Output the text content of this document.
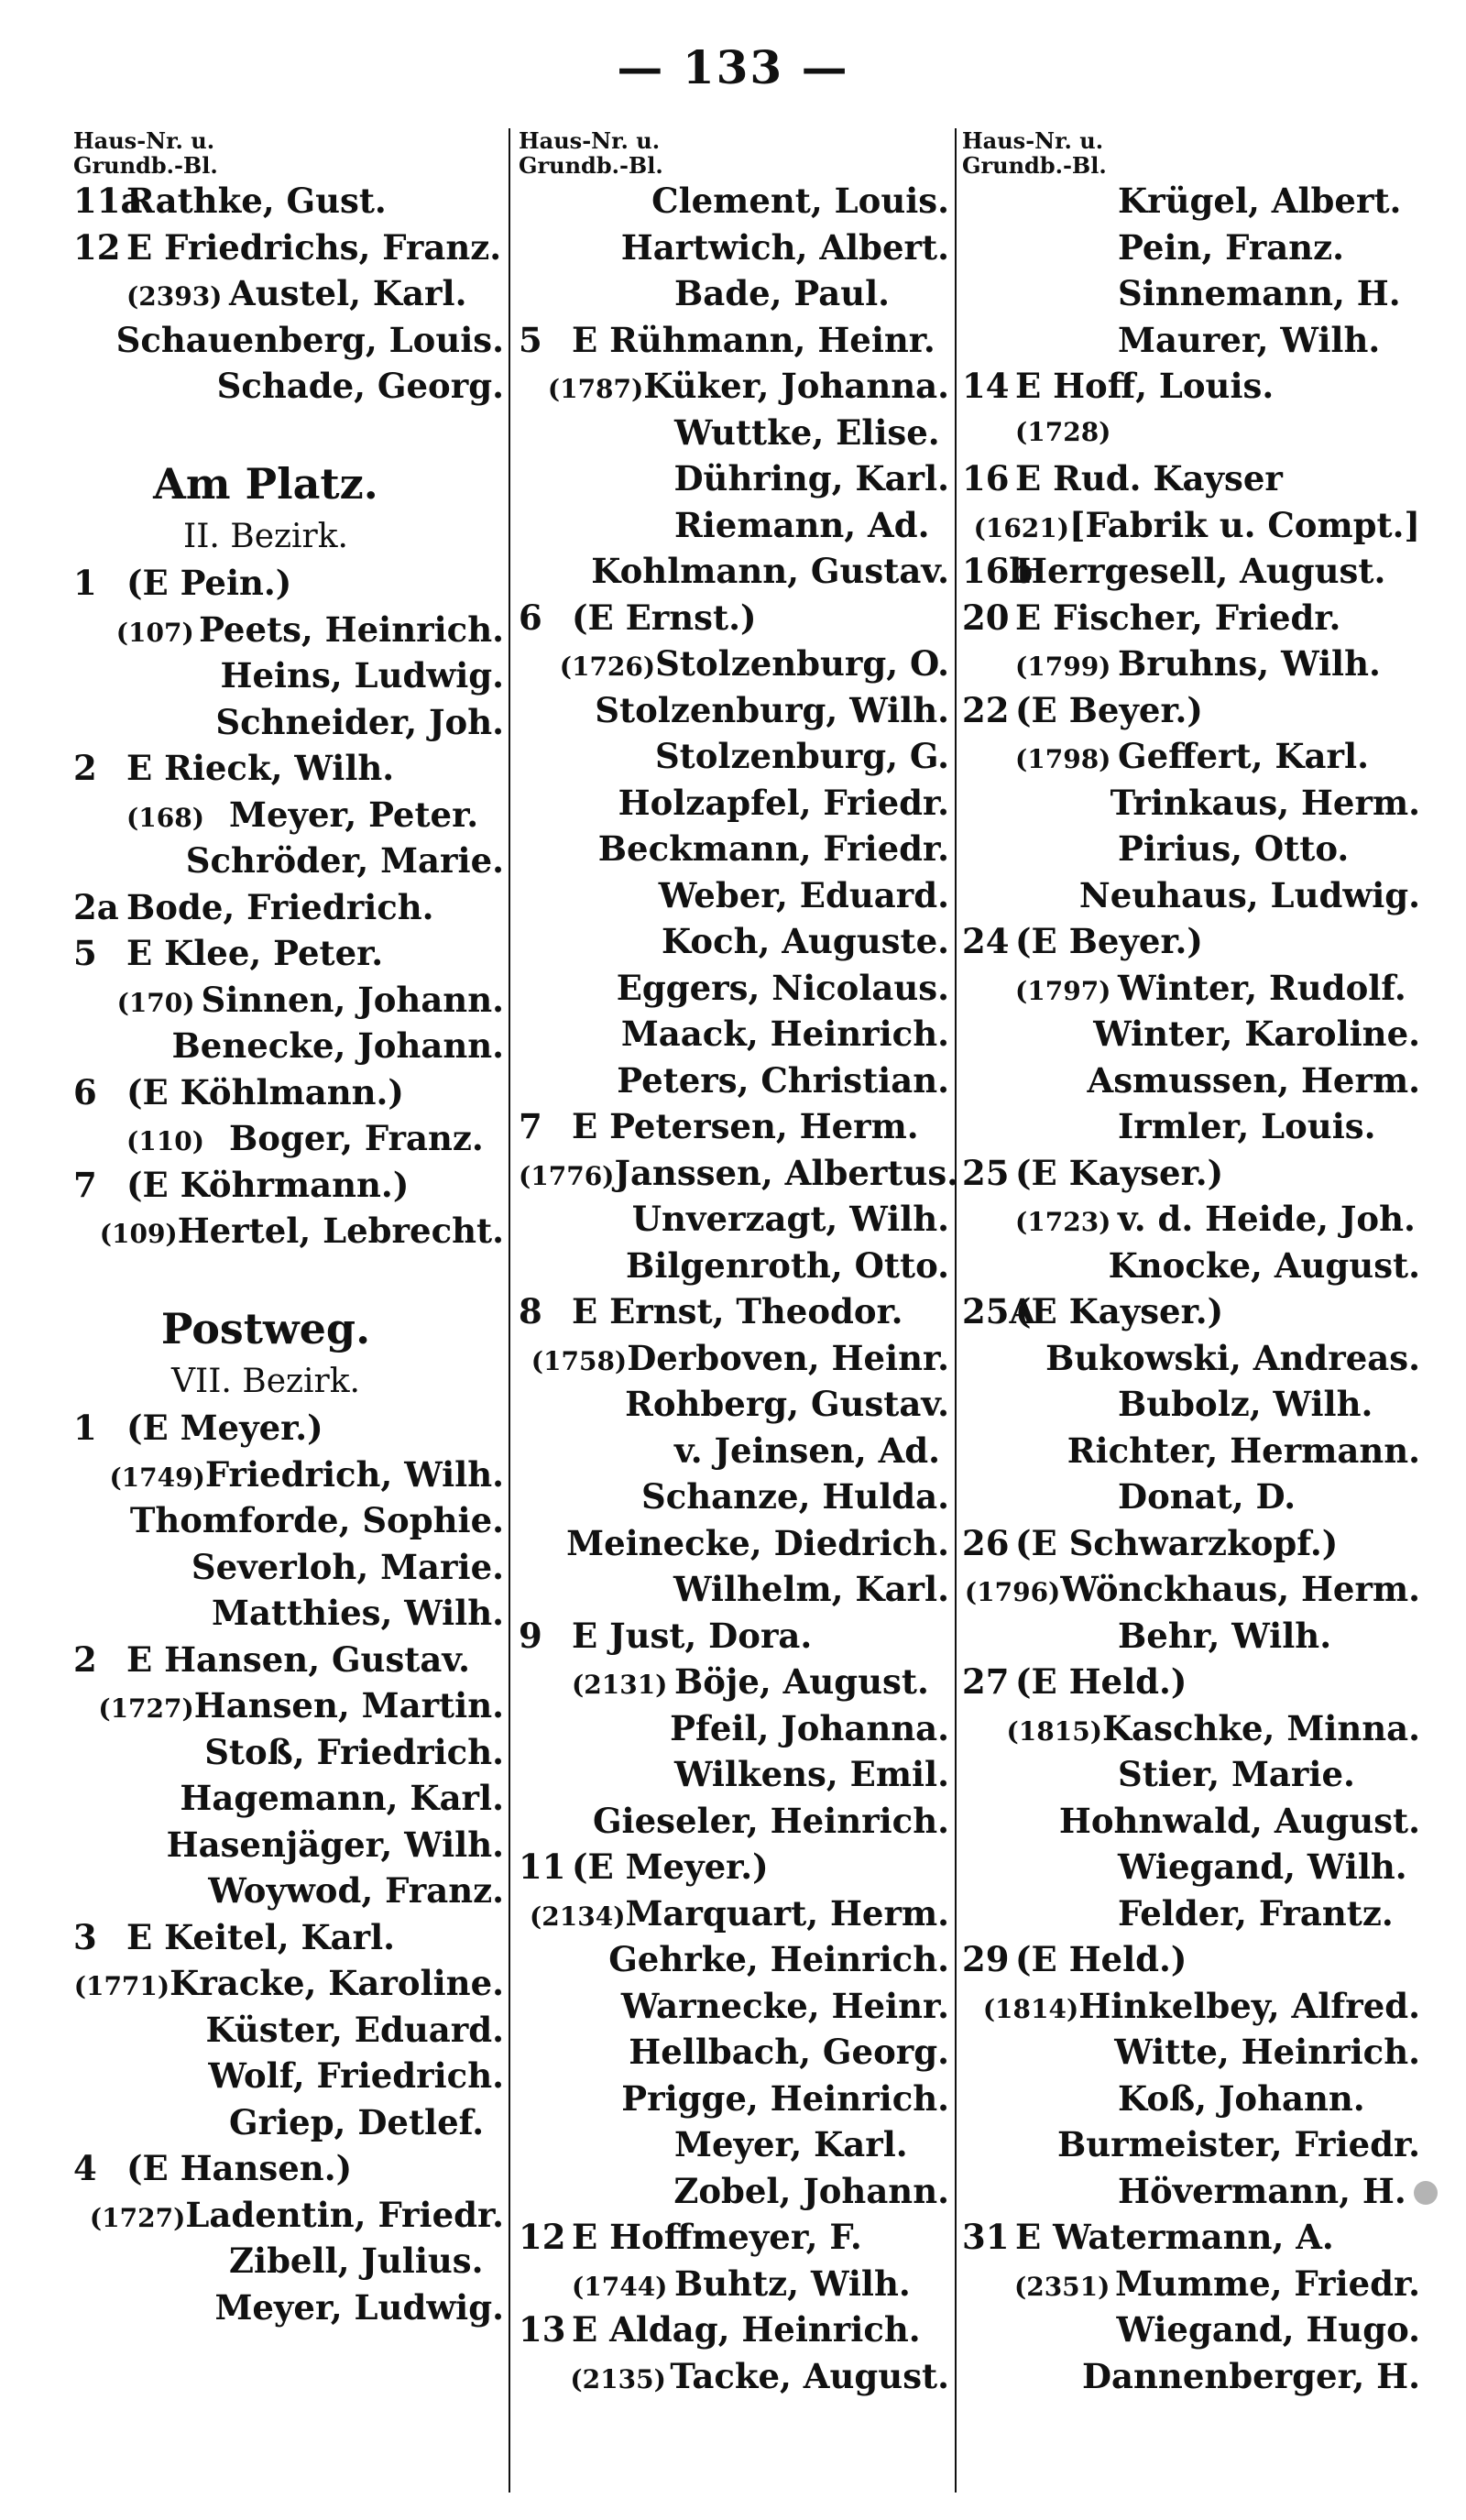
— 133 —
Haus-Nr. u.
Grundb.-Bl.
11a
Rathke, Gust.
12 E Friedrichs, Franz.
(2393) Austel, Karl.
Schauenberg, Louis.
Schade, Georg.
Am Platz.
II. Bezirk.
1 (E Pein.)
(107) Peets, Heinrich.
Heins, Ludwig.
Schneider, Joh.
2 E Rieck, Wilh.
(168) Meyer, Peter.
Schröder, Marie.
2a Bode, Friedrich.
5 E Klee, Peter.
(170) Sinnen, Johann.
Benecke, Johann.
6 (E Köhlmann.)
(110) Boger, Franz.
7 (E Köhrmann.)
(109) Hertel, Lebrecht.
Postweg.
VII. Bezirk.
1 (E Meyer.)
(1749) Friedrich, Wilh.
Thomforde, Sophie.
Severloh, Marie.
Matthies, Wilh.
2 E Hansen, Gustav.
(1727) Hansen, Martin.
Stoß, Friedrich.
Hagemann, Karl.
Hasenjäger, Wilh.
Woywod, Franz.
3 E Keitel, Karl.
(1771) Kracke, Karoline.
Küster, Eduard.
Wolf, Friedrich.
Griep, Detlef.
4 (E Hansen.)
(1727) Ladentin, Friedr.
Zibell, Julius.
Meyer, Ludwig.
Haus-Nr. u.
Grundb.-Bl.
Clement, Louis.
Hartwich, Albert.
Bade, Paul.
5 E Rühmann, Heinr.
(1787) Küker, Johanna.
Wuttke, Elise.
Dühring, Karl.
Riemann, Ad.
Kohlmann, Gustav.
6 (E Ernst.)
(1726) Stolzenburg, O.
Stolzenburg, Wilh.
Stolzenburg, G.
Holzapfel, Friedr.
Beckmann, Friedr.
Weber, Eduard.
Koch, Auguste.
Eggers, Nicolaus.
Maack, Heinrich.
Peters, Christian.
7 E Petersen, Herm.
(1776) Janssen, Albertus.
Unverzagt, Wilh.
Bilgenroth, Otto.
8 E Ernst, Theodor.
(1758) Derboven, Heinr.
Rohberg, Gustav.
v. Jeinsen, Ad.
Schanze, Hulda.
Meinecke, Diedrich.
Wilhelm, Karl.
9 E Just, Dora.
(2131) Böje, August.
Pfeil, Johanna.
Wilkens, Emil.
Gieseler, Heinrich.
11 (E Meyer.)
(2134) Marquart, Herm.
Gehrke, Heinrich.
Warnecke, Heinr.
Hellbach, Georg.
Prigge, Heinrich.
Meyer, Karl.
Zobel, Johann.
12 E Hoffmeyer, F.
(1744) Buhtz, Wilh.
13 E Aldag, Heinrich.
(2135) Tacke, August.
Haus-Nr. u.
Grundb.-Bl.
Krügel, Albert.
Pein, Franz.
Sinnemann, H.
Maurer, Wilh.
14 E Hoff, Louis.
(1728)
16 E Rud. Kayser
(1621) [Fabrik u. Compt.]
16b
Herrgesell, August.
20 E Fischer, Friedr.
(1799) Bruhns, Wilh.
22 (E Beyer.)
(1798) Geffert, Karl.
Trinkaus, Herm.
Pirius, Otto.
Neuhaus, Ludwig.
24 (E Beyer.)
(1797) Winter, Rudolf.
Winter, Karoline.
Asmussen, Herm.
Irmler, Louis.
25 (E Kayser.)
(1723) v. d. Heide, Joh.
Knocke, August.
25A
(E Kayser.)
Bukowski, Andreas.
Bubolz, Wilh.
Richter, Hermann.
Donat, D.
26 (E Schwarzkopf.)
(1796) Wönckhaus, Herm.
Behr, Wilh.
27 (E Held.)
(1815) Kaschke, Minna.
Stier, Marie.
Hohnwald, August.
Wiegand, Wilh.
Felder, Frantz.
29 (E Held.)
(1814) Hinkelbey, Alfred.
Witte, Heinrich.
Koß, Johann.
Burmeister, Friedr.
Hövermann, H.
31 E Watermann, A.
(2351) Mumme, Friedr.
Wiegand, Hugo.
Dannenberger, H.
